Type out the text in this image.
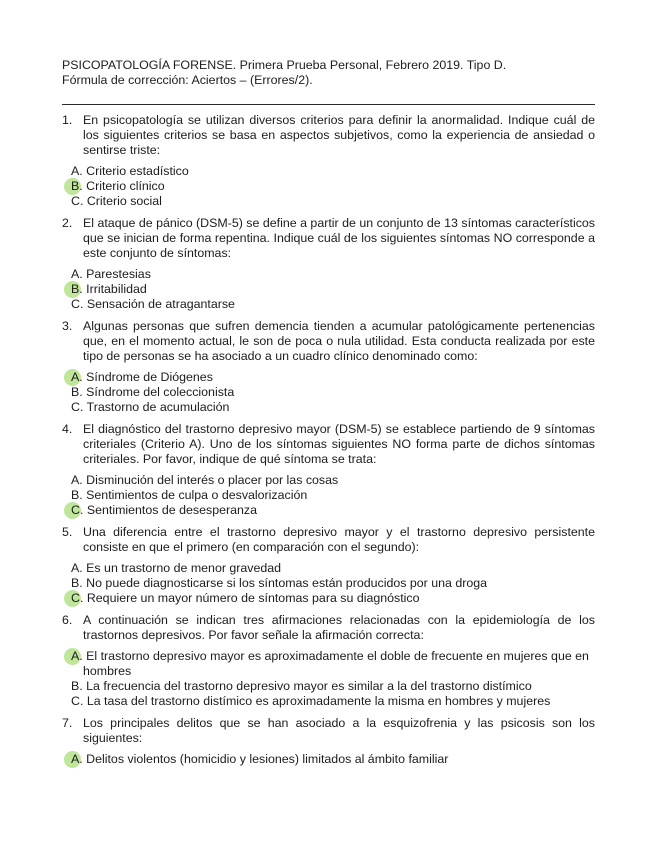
PSICOPATOLOGÍA FORENSE. Primera Prueba Personal, Febrero 2019. Tipo D.
Fórmula de corrección: Aciertos – (Errores/2).
1. En psicopatología se utilizan diversos criterios para definir la anormalidad. Indique cuál de los siguientes criterios se basa en aspectos subjetivos, como la experiencia de ansiedad o sentirse triste:
A. Criterio estadístico
B. Criterio clínico
C. Criterio social
2. El ataque de pánico (DSM-5) se define a partir de un conjunto de 13 síntomas característicos que se inician de forma repentina. Indique cuál de los siguientes síntomas NO corresponde a este conjunto de síntomas:
A. Parestesias
B. Irritabilidad
C. Sensación de atragantarse
3. Algunas personas que sufren demencia tienden a acumular patológicamente pertenencias que, en el momento actual, le son de poca o nula utilidad. Esta conducta realizada por este tipo de personas se ha asociado a un cuadro clínico denominado como:
A. Síndrome de Diógenes
B. Síndrome del coleccionista
C. Trastorno de acumulación
4. El diagnóstico del trastorno depresivo mayor (DSM-5) se establece partiendo de 9 síntomas criteriales (Criterio A). Uno de los síntomas siguientes NO forma parte de dichos síntomas criteriales. Por favor, indique de qué síntoma se trata:
A. Disminución del interés o placer por las cosas
B. Sentimientos de culpa o desvalorización
C. Sentimientos de desesperanza
5. Una diferencia entre el trastorno depresivo mayor y el trastorno depresivo persistente consiste en que el primero (en comparación con el segundo):
A. Es un trastorno de menor gravedad
B. No puede diagnosticarse si los síntomas están producidos por una droga
C. Requiere un mayor número de síntomas para su diagnóstico
6. A continuación se indican tres afirmaciones relacionadas con la epidemiología de los trastornos depresivos. Por favor señale la afirmación correcta:
A. El trastorno depresivo mayor es aproximadamente el doble de frecuente en mujeres que en hombres
B. La frecuencia del trastorno depresivo mayor es similar a la del trastorno distímico
C. La tasa del trastorno distímico es aproximadamente la misma en hombres y mujeres
7. Los principales delitos que se han asociado a la esquizofrenia y las psicosis son los siguientes:
A. Delitos violentos (homicidio y lesiones) limitados al ámbito familiar
